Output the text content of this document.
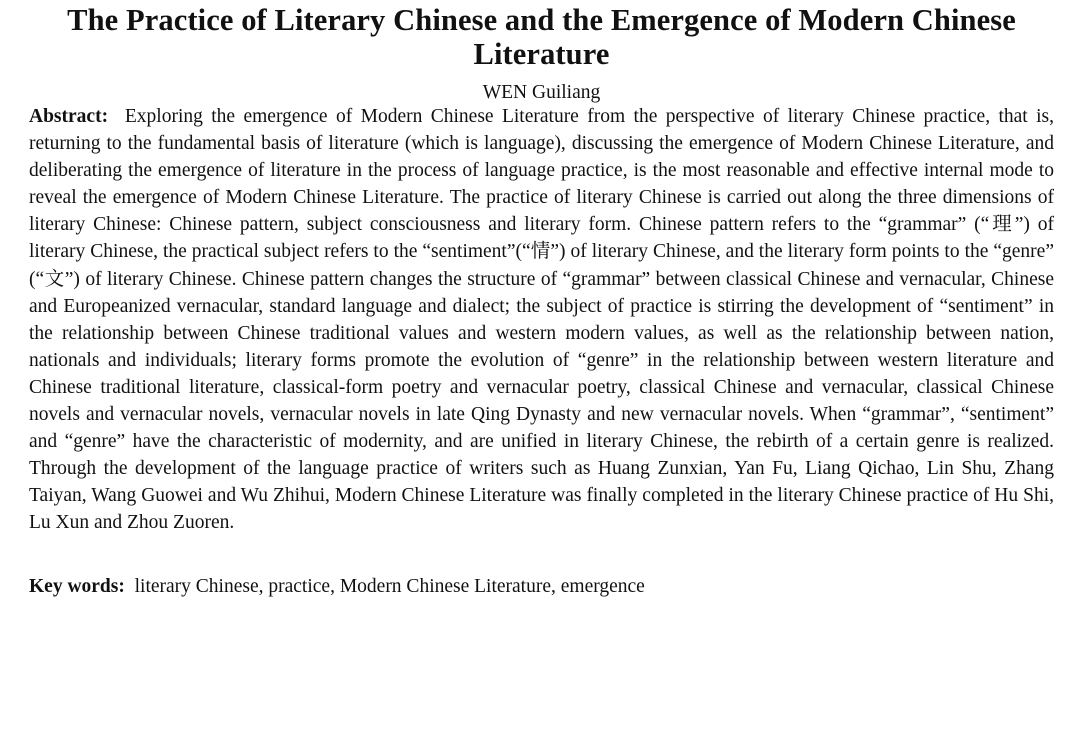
The Practice of Literary Chinese and the Emergence of Modern Chinese Literature
WEN Guiliang

Abstract: Exploring the emergence of Modern Chinese Literature from the perspective of literary Chinese practice, that is, returning to the fundamental basis of literature (which is language), discussing the emergence of Modern Chinese Literature, and deliberating the emergence of literature in the process of language practice, is the most reasonable and effective internal mode to reveal the emergence of Modern Chinese Literature. The practice of literary Chinese is carried out along the three dimensions of literary Chinese: Chinese pattern, subject consciousness and literary form. Chinese pattern refers to the “grammar” (“理”) of literary Chinese, the practical subject refers to the “sentiment”(“情”) of literary Chinese, and the literary form points to the “genre” (“文”) of literary Chinese. Chinese pattern changes the structure of “grammar” between classical Chinese and vernacular, Chinese and Europeanized vernacular, standard language and dialect; the subject of practice is stirring the development of “sentiment” in the relationship between Chinese traditional values and western modern values, as well as the relationship between nation, nationals and individuals; literary forms promote the evolution of “genre” in the relationship between western literature and Chinese traditional literature, classical-form poetry and vernacular poetry, classical Chinese and vernacular, classical Chinese novels and vernacular novels, vernacular novels in late Qing Dynasty and new vernacular novels. When “grammar”, “sentiment” and “genre” have the characteristic of modernity, and are unified in literary Chinese, the rebirth of a certain genre is realized. Through the development of the language practice of writers such as Huang Zunxian, Yan Fu, Liang Qichao, Lin Shu, Zhang Taiyan, Wang Guowei and Wu Zhihui, Modern Chinese Literature was finally completed in the literary Chinese practice of Hu Shi, Lu Xun and Zhou Zuoren.

Key words: literary Chinese, practice, Modern Chinese Literature, emergence
